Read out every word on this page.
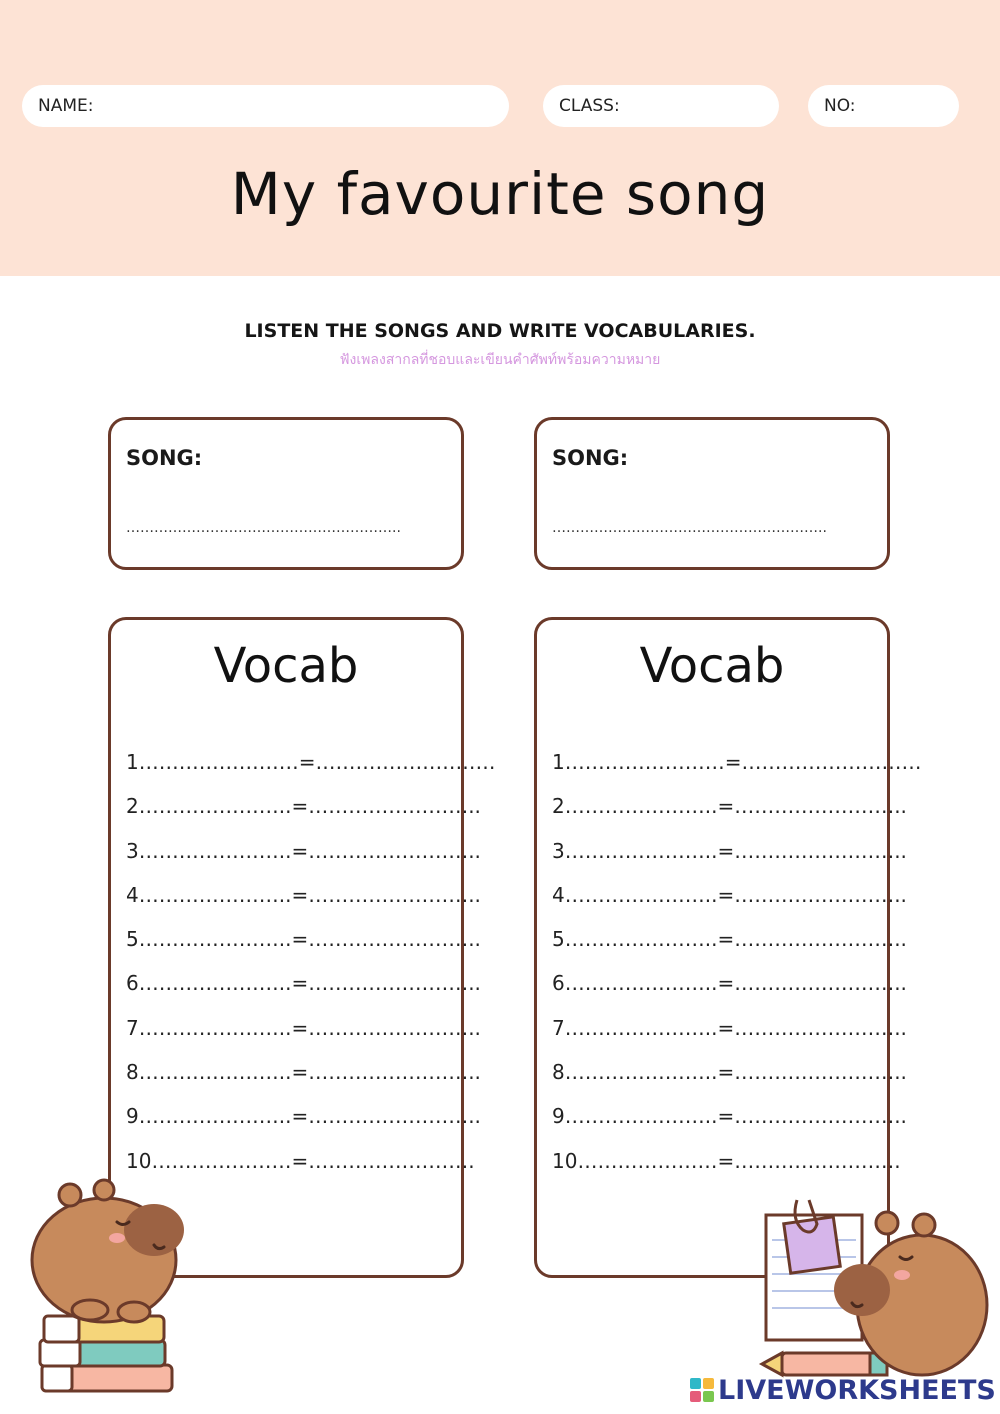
NAME:	CLASS:	NO:
My favourite song
LISTEN THE SONGS AND WRITE VOCABULARIES.
ฟังเพลงสากลที่ชอบและเขียนคำศัพท์พร้อมความหมาย
SONG:
…………………………………………………..
SONG:
…………………………………………………..
Vocab
1……………………=………………………
2…………………..=……………………..
3…………………..=……………………..
4…………………..=……………………..
5…………………..=……………………..
6…………………..=……………………..
7…………………..=……………………..
8…………………..=……………………..
9…………………..=……………………..
10…………………=…………………….
Vocab
1……………………=………………………
2…………………..=……………………..
3…………………..=……………………..
4…………………..=……………………..
5…………………..=……………………..
6…………………..=……………………..
7…………………..=……………………..
8…………………..=……………………..
9…………………..=……………………..
10…………………=…………………….
LIVEWORKSHEETS
